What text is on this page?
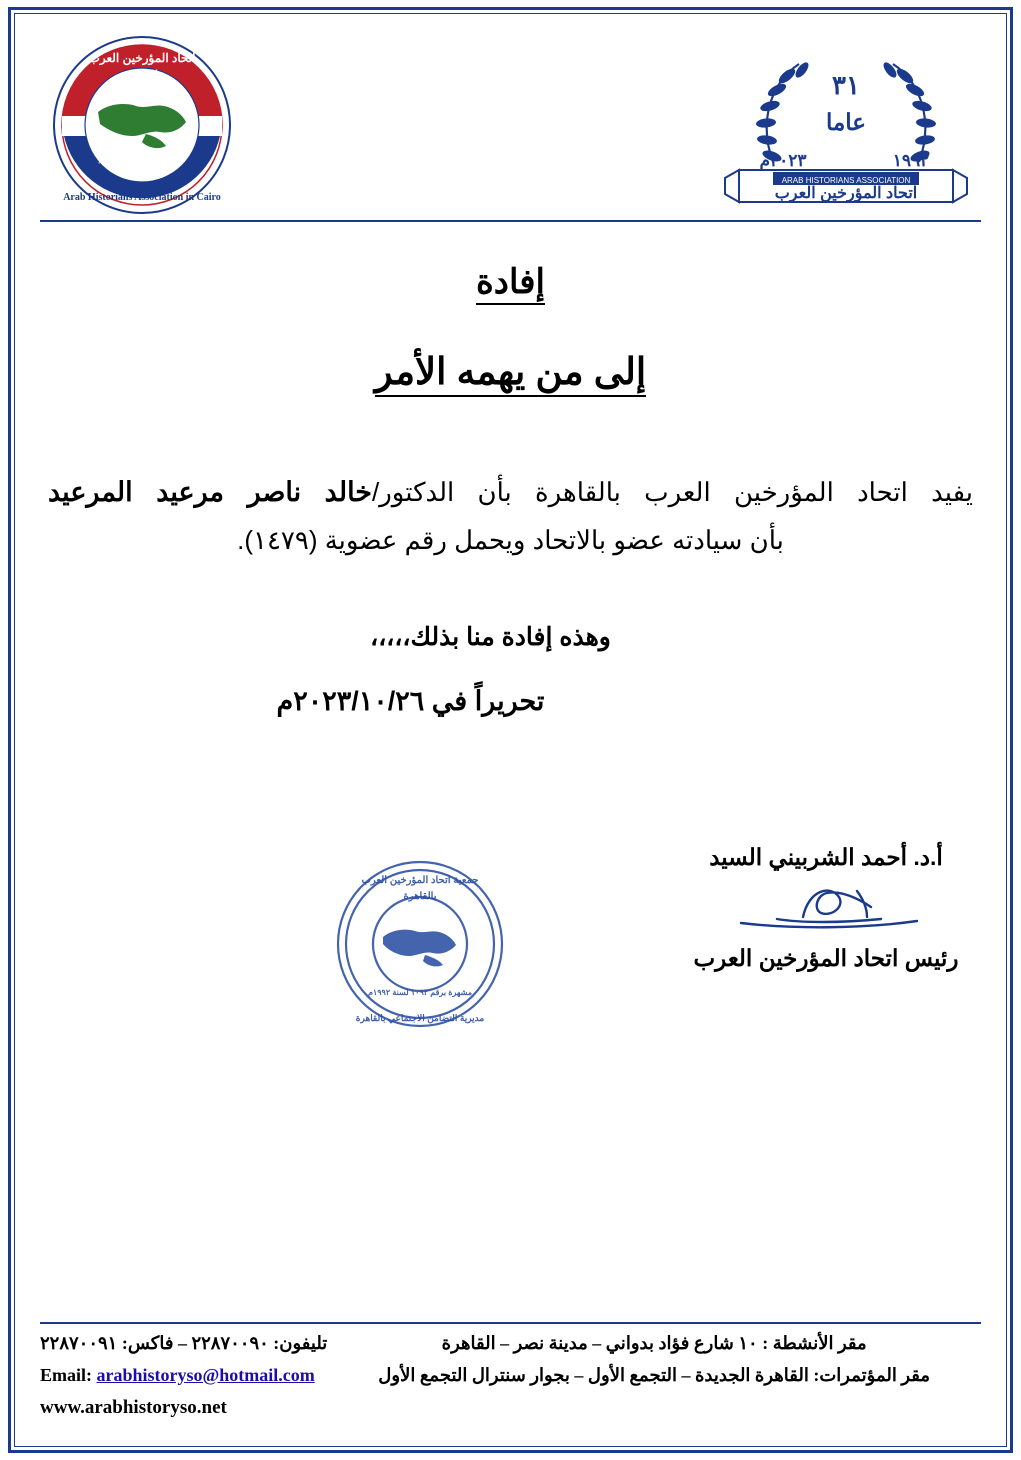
ARAB HISTORIANS ASSOCIATION
اتحاد المؤرخين العرب
٣١
عاما
٢٠٢٣م	١٩٩٢
اتحاد المؤرخين العرب
بالقاهرة
مشهر برقم ١٠٩٢ لسنة ١٩٩٢م
Arab Historians Association in Cairo
إفادة
إلى من يهمه الأمر
يفيد اتحاد المؤرخين العرب بالقاهرة بأن الدكتور/خالد ناصر مرعيد المرعيد
بأن سيادته عضو بالاتحاد ويحمل رقم عضوية (١٤٧٩).
وهذه إفادة منا بذلك،،،،،
تحريراً في ٢٠٢٣/١٠/٢٦م
أ.د. أحمد الشربيني السيد
رئيس اتحاد المؤرخين العرب
جمعية اتحاد المؤرخين العرب
بالقاهرة
مشهرة برقم ١٠٩٢ لسنة ١٩٩٢م
مديرية التضامن الاجتماعي بالقاهرة
مقر الأنشطة : ١٠ شارع فؤاد بدواني – مدينة نصر – القاهرة
مقر المؤتمرات: القاهرة الجديدة – التجمع الأول – بجوار سنترال التجمع الأول
تليفون: ٢٢٨٧٠٠٩٠ – فاكس: ٢٢٨٧٠٠٩١
Email: arabhistoryso@hotmail.com
www.arabhistoryso.net
